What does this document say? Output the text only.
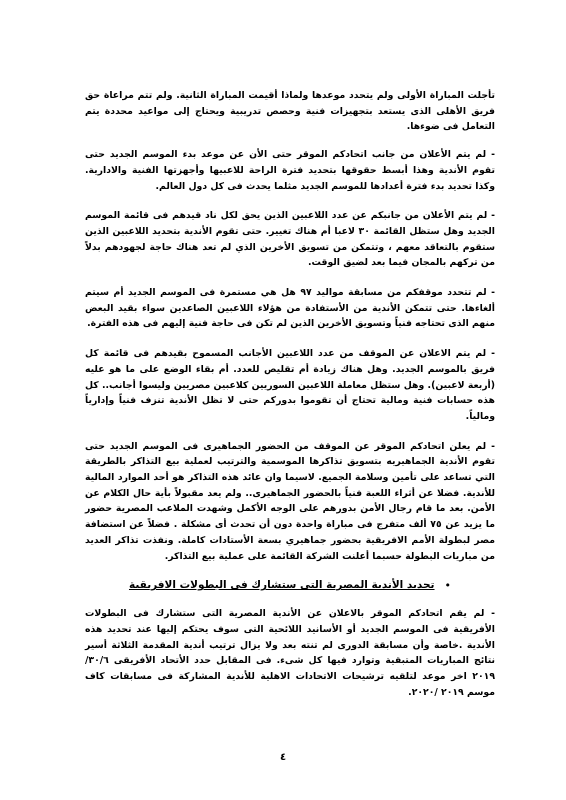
تأجلت المباراة الأولى ولم يتحدد موعدها ولماذا أقيمت المباراة الثانية. ولم تتم مراعاة حق فريق الأهلى الذى يستعد بتجهيزات فنية وحصص تدريبية ويحتاج إلى مواعيد محددة يتم التعامل فى ضوءها.

- لم يتم الأعلان من جانب اتحادكم الموقر حتى الأن عن موعد بدء الموسم الجديد حتى تقوم الأندية وهذا أبسط حقوقها بتحديد فترة الراحة للاعبيها وأجهزتها الفنية والادارية. وكذا تحديد بدء فترة أعدادها للموسم الجديد مثلما يحدث فى كل دول العالم.

- لم يتم الأعلان من جانبكم عن عدد اللاعبين الذين يحق لكل ناد قيدهم فى قائمة الموسم الجديد وهل ستظل القائمة ٣٠ لاعبا أم هناك تغيير. حتى تقوم الأندية بتحديد اللاعبين الذين ستقوم بالتعاقد معهم ، وتتمكن من تسويق الأخرين الذي لم تعد هناك حاجة لجهودهم بدلاً من تركهم بالمجان فيما بعد لضيق الوقت.

- لم تتحدد موقفكم من مسابقة مواليد ٩٧ هل هي مستمرة فى الموسم الجديد أم سيتم ألغاءها. حتى تتمكن الأندية من الأستفادة من هؤلاء اللاعبين الصاعدين سواء بقيد البعض منهم الذى تحتاجه فنياً وتسويق الأخرين الذين لم تكن فى حاجة فنية إليهم فى هذه الفترة.

- لم يتم الاعلان عن الموقف من عدد اللاعبين الأجانب المسموح بقيدهم فى قائمة كل فريق بالموسم الجديد. وهل هناك زيادة أم تقليص للعدد. أم بقاء الوضع على ما هو عليه (أربعة لاعبين). وهل ستظل معاملة اللاعبين السوريين كلاعبين مصريين وليسوا أجانب.. كل هذه حسابات فنية ومالية تحتاج أن تقوموا بدوركم حتى لا تظل الأندية تنزف فنياً وإدارياً ومالياً.

- لم يعلن اتحادكم الموقر عن الموقف من الحضور الجماهيرى فى الموسم الجديد حتى تقوم الأندية الجماهيريه بتسويق تذاكرها الموسمية والترتيب لعملية بيع التذاكر بالطريقة التي تساعد على تأمين وسلامة الجميع. لاسيما وان عائد هذه التذاكر هو أحد الموارد المالية للأندية. فضلا عن أثراء اللعبة فنياً بالحضور الجماهيرى.. ولم يعد مقبولاً بأية حال الكلام عن الأمن. بعد ما قام رجال الأمن بدورهم على الوجه الأكمل وشهدت الملاعب المصرية حضور ما يزيد عن ٧٥ ألف متفرج فى مباراة واحدة دون أن تحدث أى مشكلة . فضلاً عن استضافة مصر لبطولة الأمم الافريقية بحضور جماهيري بسعة الأستادات كاملة. ونفذت تذاكر العديد من مباريات البطولة حسبما أعلنت الشركة القائمة على عملية بيع التذاكر.

•
تحديد الأندية المصرية التى ستشارك فى البطولات الافريقية

- لم يقم اتحادكم الموقر بالاعلان عن الأندية المصرية التى ستشارك فى البطولات الأفريقية فى الموسم الجديد أو الأسانيد اللائحية التى سوف يحتكم إليها عند تحديد هذه الأندية .خاصة وأن مسابقة الدورى لم تنته بعد ولا يزال ترتيب أندية المقدمة الثلاثة أسير نتائج المباريات المتبقية وتوارد فيها كل شىء. فى المقابل حدد الأتحاد الأفريقى ٣٠/٦/ ٢٠١٩ اخر موعد لتلقيه ترشيحات الاتحادات الاهلية للأندية المشاركة فى مسابقات كاف موسم ٢٠١٩ /٢٠٢٠.

٤
